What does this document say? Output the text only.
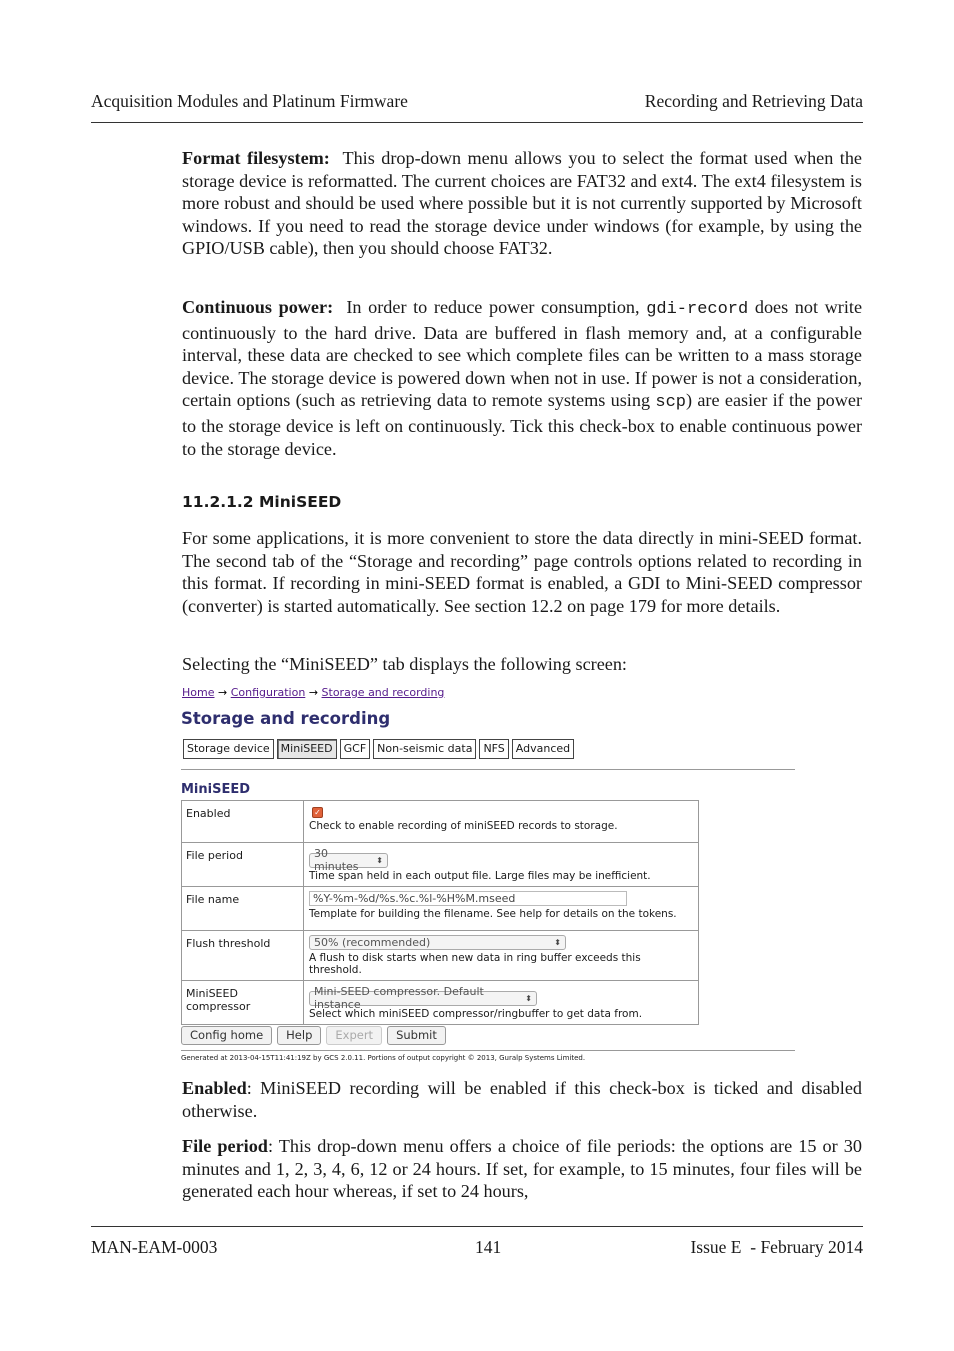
Acquisition Modules and Platinum Firmware	Recording and Retrieving Data

Format filesystem: This drop-down menu allows you to select the format used when the storage device is reformatted. The current choices are FAT32 and ext4. The ext4 filesystem is more robust and should be used where possible but it is not currently supported by Microsoft windows. If you need to read the storage device under windows (for example, by using the GPIO/USB cable), then you should choose FAT32.

Continuous power: In order to reduce power consumption, gdi-record does not write continuously to the hard drive. Data are buffered in flash memory and, at a configurable interval, these data are checked to see which complete files can be written to a mass storage device. The storage device is powered down when not in use. If power is not a consideration, certain options (such as retrieving data to remote systems using scp) are easier if the power to the storage device is left on continuously. Tick this check-box to enable continuous power to the storage device.

11.2.1.2 MiniSEED

For some applications, it is more convenient to store the data directly in mini-SEED format. The second tab of the “Storage and recording” page controls options related to recording in this format. If recording in mini-SEED format is enabled, a GDI to Mini-SEED compressor (converter) is started automatically. See section 12.2 on page 179 for more details.

Selecting the “MiniSEED” tab displays the following screen:

Home → Configuration → Storage and recording
Storage and recording
Storage device	MiniSEED	GCF	Non-seismic data	NFS	Advanced
MiniSEED
Enabled	✓
Check to enable recording of miniSEED records to storage.

File period	30 minutes ⬍
Time span held in each output file. Large files may be inefficient.

File name	%Y-%m-%d/%s.%c.%l-%H%M.mseed
Template for building the filename. See help for details on the tokens.

Flush threshold	50% (recommended) ⬍
A flush to disk starts when new data in ring buffer exceeds this threshold.

MiniSEED compressor	Mini-SEED compressor. Default instance ⬍
Select which miniSEED compressor/ringbuffer to get data from.
Config home	Help	Expert	Submit
Generated at 2013-04-15T11:41:19Z by GCS 2.0.11. Portions of output copyright © 2013, Guralp Systems Limited.

Enabled: MiniSEED recording will be enabled if this check-box is ticked and disabled otherwise.

File period: This drop-down menu offers a choice of file periods: the options are 15 or 30 minutes and 1, 2, 3, 4, 6, 12 or 24 hours. If set, for example, to 15 minutes, four files will be generated each hour whereas, if set to 24 hours,

MAN-EAM-0003	141	Issue E  - February 2014
